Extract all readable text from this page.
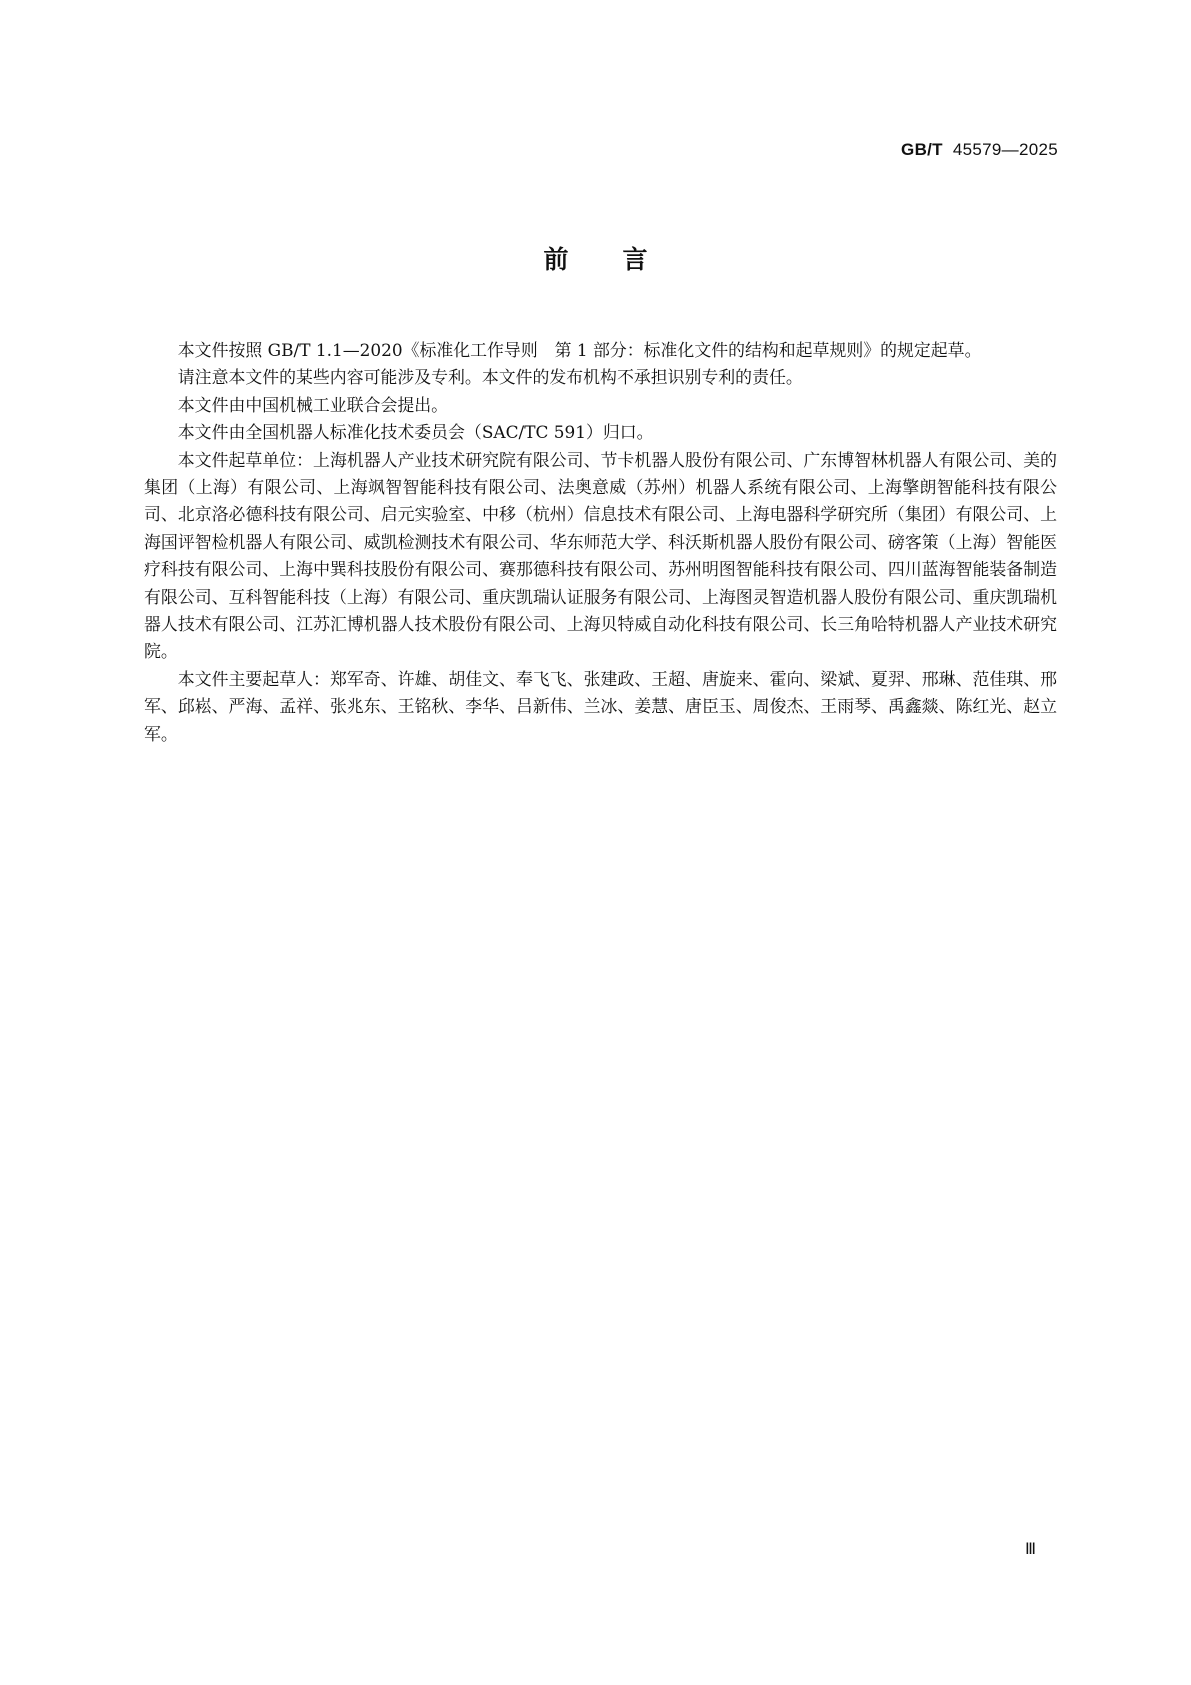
GB/T 45579—2025
前言

本文件按照 GB/T 1.1—2020《标准化工作导则　第 1 部分：标准化文件的结构和起草规则》的规定起草。

请注意本文件的某些内容可能涉及专利。本文件的发布机构不承担识别专利的责任。

本文件由中国机械工业联合会提出。

本文件由全国机器人标准化技术委员会（SAC/TC 591）归口。

本文件起草单位：上海机器人产业技术研究院有限公司、节卡机器人股份有限公司、广东博智林机器人有限公司、美的集团（上海）有限公司、上海飒智智能科技有限公司、法奥意威（苏州）机器人系统有限公司、上海擎朗智能科技有限公司、北京洛必德科技有限公司、启元实验室、中移（杭州）信息技术有限公司、上海电器科学研究所（集团）有限公司、上海国评智检机器人有限公司、威凯检测技术有限公司、华东师范大学、科沃斯机器人股份有限公司、磅客策（上海）智能医疗科技有限公司、上海中巽科技股份有限公司、赛那德科技有限公司、苏州明图智能科技有限公司、四川蓝海智能装备制造有限公司、互科智能科技（上海）有限公司、重庆凯瑞认证服务有限公司、上海图灵智造机器人股份有限公司、重庆凯瑞机器人技术有限公司、江苏汇博机器人技术股份有限公司、上海贝特威自动化科技有限公司、长三角哈特机器人产业技术研究院。

本文件主要起草人：郑军奇、许雄、胡佳文、奉飞飞、张建政、王超、唐旋来、霍向、梁斌、夏羿、邢琳、范佳琪、邢军、邱崧、严海、孟祥、张兆东、王铭秋、李华、吕新伟、兰冰、姜慧、唐臣玉、周俊杰、王雨琴、禹鑫燚、陈红光、赵立军。

Ⅲ
